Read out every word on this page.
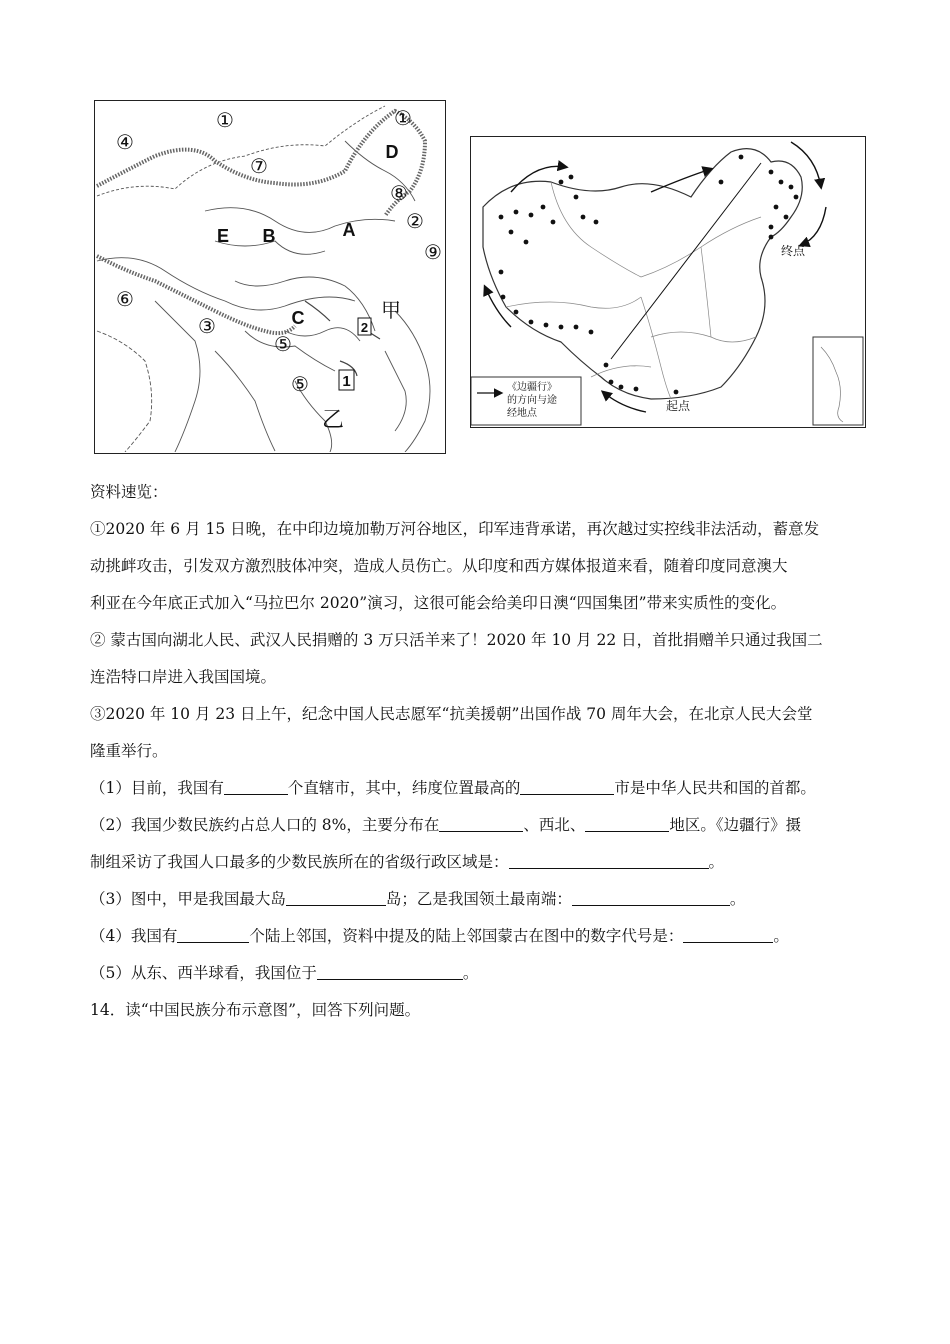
①	①
④
⑦
⑧
②
⑨
⑥
③
⑤
⑤
D
A
B
E
C	2
1
甲
乙
终点
起点
《边疆行》
的方向与途
经地点
资料速览：
①2020 年 6 月 15 日晚，在中印边境加勒万河谷地区，印军违背承诺，再次越过实控线非法活动，蓄意发
动挑衅攻击，引发双方激烈肢体冲突，造成人员伤亡。从印度和西方媒体报道来看，随着印度同意澳大
利亚在今年底正式加入“马拉巴尔 2020”演习，这很可能会给美印日澳“四国集团”带来实质性的变化。
② 蒙古国向湖北人民、武汉人民捐赠的 3 万只活羊来了！2020 年 10 月 22 日，首批捐赠羊只通过我国二
连浩特口岸进入我国国境。
③2020 年 10 月 23 日上午，纪念中国人民志愿军“抗美援朝”出国作战 70 周年大会，在北京人民大会堂
隆重举行。
（1）目前，我国有	个直辖市，其中，纬度位置最高的	市是中华人民共和国的首都。
（2）我国少数民族约占总人口的 8%，主要分布在	、西北、	地区。《边疆行》摄
制组采访了我国人口最多的少数民族所在的省级行政区域是：	。
（3）图中，甲是我国最大岛	岛；乙是我国领土最南端：	。
（4）我国有	个陆上邻国，资料中提及的陆上邻国蒙古在图中的数字代号是：	。
（5）从东、西半球看，我国位于	。
14．读“中国民族分布示意图”，回答下列问题。
